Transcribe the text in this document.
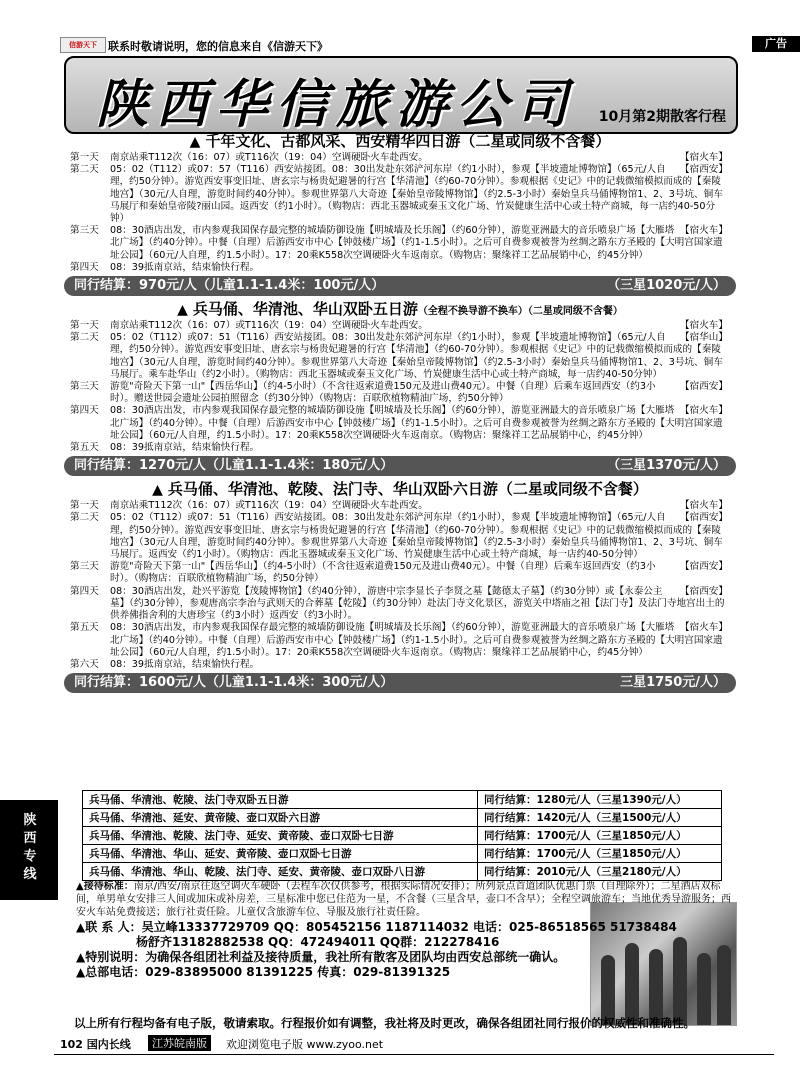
信游天下	联系时敬请说明，您的信息来自《信游天下》	广告
陕西华信旅游公司 10月第2期散客行程
▲ 千年文化、古都风采、西安精华四日游（二星或同级不含餐）
第一天	【宿火车】
南京站乘T112次（16：07）或T116次（19：04）空调硬卧火车赴西安。
第二天	【宿西安】
05：02（T112）或07：57（T116）西安站接团。08：30出发赴东郊浐河东岸（约1小时），参观【半坡遗址博物馆】（65元/人自理，约50分钟）。游览西安事变旧址、唐玄宗与杨贵妃避暑的行宫【华清池】（约60-70分钟）。参观根据《史记》中的记载微缩模拟而成的【秦陵地宫】（30元/人自理，游览时间约40分钟）。参观世界第八大奇迹【秦始皇帝陵博物馆】（约2.5-3小时）秦始皇兵马俑博物馆1、2、3号坑、铜车马展厅和秦始皇帝陵?丽山园。返西安（约1小时）。（购物店：西北玉器城或秦玉文化广场、竹炭健康生活中心或土特产商城，每一店约40-50分钟）
第三天	【宿火车】
08：30酒店出发，市内参观我国保存最完整的城墙防御设施【明城墙及长乐阁】（约60分钟），游览亚洲最大的音乐喷泉广场【大雁塔北广场】（约40分钟）。中餐（自理）后游西安市中心【钟鼓楼广场】（约1-1.5小时）。之后可自费参观被誉为丝绸之路东方圣殿的【大明宫国家遗址公园】（60元/人自理，约1.5小时）。17：20乘K558次空调硬卧火车返南京。（购物店：聚缘祥工艺品展销中心，约45分钟）
第四天	08：39抵南京站，结束愉快行程。
同行结算：970元/人（儿童1.1-1.4米：100元/人）	（三星1020元/人）
▲ 兵马俑、华清池、华山双卧五日游（全程不换导游不换车）（二星或同级不含餐）
第一天	【宿火车】
南京站乘T112次（16：07）或T116次（19：04）空调硬卧火车赴西安。
第二天	【宿华山】
05：02（T112）或07：51（T116）西安站接团。08：30出发赴东郊浐河东岸（约1小时），参观【半坡遗址博物馆】（65元/人自理，约50分钟）。游览西安事变旧址、唐玄宗与杨贵妃避暑的行宫【华清池】（约60-70分钟）。参观根据《史记》中的记载微缩模拟而成的【秦陵地宫】（30元/人自理，游览时间约40分钟）。参观世界第八大奇迹【秦始皇帝陵博物馆】（约2.5-3小时）秦始皇兵马俑博物馆1、2、3号坑、铜车马展厅。乘车赴华山（约2小时）。（购物店：西北玉器城或秦玉文化广场、竹炭健康生活中心或土特产商城，每一店约40-50分钟）
第三天	【宿西安】
游览"奇险天下第一山"【西岳华山】（约4-5小时）（不含往返索道费150元及进山费40元）。中餐（自理）后乘车返回西安（约3小时）。赠送世园会遗址公园拍照留念（约30分钟）（购物店：百联欣植物精油广场，约50分钟）
第四天	【宿火车】
08：30酒店出发，市内参观我国保存最完整的城墙防御设施【明城墙及长乐阁】（约60分钟），游览亚洲最大的音乐喷泉广场【大雁塔北广场】（约40分钟）。中餐（自理）后游西安市中心【钟鼓楼广场】（约1-1.5小时）。之后可自费参观被誉为丝绸之路东方圣殿的【大明宫国家遗址公园】（60元/人自理，约1.5小时）。17：20乘K558次空调硬卧火车返南京。（购物店：聚缘祥工艺品展销中心，约45分钟）
第五天	08：39抵南京站，结束愉快行程。
同行结算：1270元/人（儿童1.1-1.4米：180元/人）	（三星1370元/人）
▲ 兵马俑、华清池、乾陵、法门寺、华山双卧六日游（二星或同级不含餐）
第一天	【宿火车】
南京站乘T112次（16：07）或T116次（19：04）空调硬卧火车赴西安。
第二天	【宿西安】
05：02（T112）或07：51（T116）西安站接团。08：30出发赴东郊浐河东岸（约1小时），参观【半坡遗址博物馆】（65元/人自理，约50分钟）。游览西安事变旧址、唐玄宗与杨贵妃避暑的行宫【华清池】（约60-70分钟）。参观根据《史记》中的记载微缩模拟而成的【秦陵地宫】（30元/人自理，游览时间约40分钟）。参观世界第八大奇迹【秦始皇帝陵博物馆】（约2.5-3小时）秦始皇兵马俑博物馆1、2、3号坑、铜车马展厅。返西安（约1小时）。（购物店：西北玉器城或秦玉文化广场、竹炭健康生活中心或土特产商城，每一店约40-50分钟）
第三天	【宿西安】
游览"奇险天下第一山"【西岳华山】（约4-5小时）（不含往返索道费150元及进山费40元）。中餐（自理）后乘车返回西安（约3小时）。（购物店：百联欣植物精油广场，约50分钟）
第四天	【宿西安】
08：30酒店出发，赴兴平游览【茂陵博物馆】（约40分钟），游唐中宗李显长子李贤之墓【懿德太子墓】（约30分钟）或【永泰公主墓】（约30分钟），参观唐高宗李治与武则天的合葬墓【乾陵】（约30分钟）赴法门寺文化景区，游览关中塔庙之祖【法门寺】及法门寺地宫出土的供养佛指舍利的大唐珍宝（约3小时）返西安（约3小时）。
第五天	【宿火车】
08：30酒店出发，市内参观我国保存最完整的城墙防御设施【明城墙及长乐阁】（约60分钟），游览亚洲最大的音乐喷泉广场【大雁塔北广场】（约40分钟）。中餐（自理）后游西安市中心【钟鼓楼广场】（约1-1.5小时）。之后可自费参观被誉为丝绸之路东方圣殿的【大明宫国家遗址公园】（60元/人自理，约1.5小时）。17：20乘K558次空调硬卧火车返南京。（购物店：聚缘祥工艺品展销中心，约45分钟）
第六天	08：39抵南京站，结束愉快行程。
同行结算：1600元/人（儿童1.1-1.4米：300元/人）	三星1750元/人）
兵马俑、华清池、乾陵、法门寺双卧五日游	同行结算：1280元/人（三星1390元/人）
兵马俑、华清池、延安、黄帝陵、壶口双卧六日游	同行结算：1420元/人（三星1500元/人）
兵马俑、华清池、乾陵、法门寺、延安、黄帝陵、壶口双卧七日游	同行结算：1700元/人（三星1850元/人）
兵马俑、华清池、华山、延安、黄帝陵、壶口双卧七日游	同行结算：1700元/人（三星1850元/人）
兵马俑、华清池、华山、乾陵、法门寺、延安、黄帝陵、壶口双卧八日游	同行结算：2010元/人（三星2180元/人）
▲接待标准：南京/西安/南京往返空调火车硬卧（去程车次仅供参考，根据实际情况安排）；所列景点首道团队优惠门票（自理除外）；二星酒店双标间，单男单女安排三人间或加床或补房差，三星标准中您已住范为一星，不含餐（三星含早，壶口不含早）；全程空调旅游车；当地优秀导游服务；西安火车站免费接送；旅行社责任险。儿童仅含旅游车位、导服及旅行社责任险。
▲联 系 人：吴立峰13337729709 QQ：805452156 1187114032 电话：025-86518565 51738484
杨舒齐13182882538 QQ：472494011 QQ群：212278416
▲特别说明：为确保各组团社利益及接待质量，我社所有散客及团队均由西安总部统一确认。
▲总部电话：029-83895000 81391225 传真：029-81391325
以上所有行程均备有电子版，敬请索取。行程报价如有调整，我社将及时更改，确保各组团社同行报价的权威性和准确性。
陕西专线
102 国内长线	江苏皖南版	欢迎浏览电子版 www.zyoo.net
